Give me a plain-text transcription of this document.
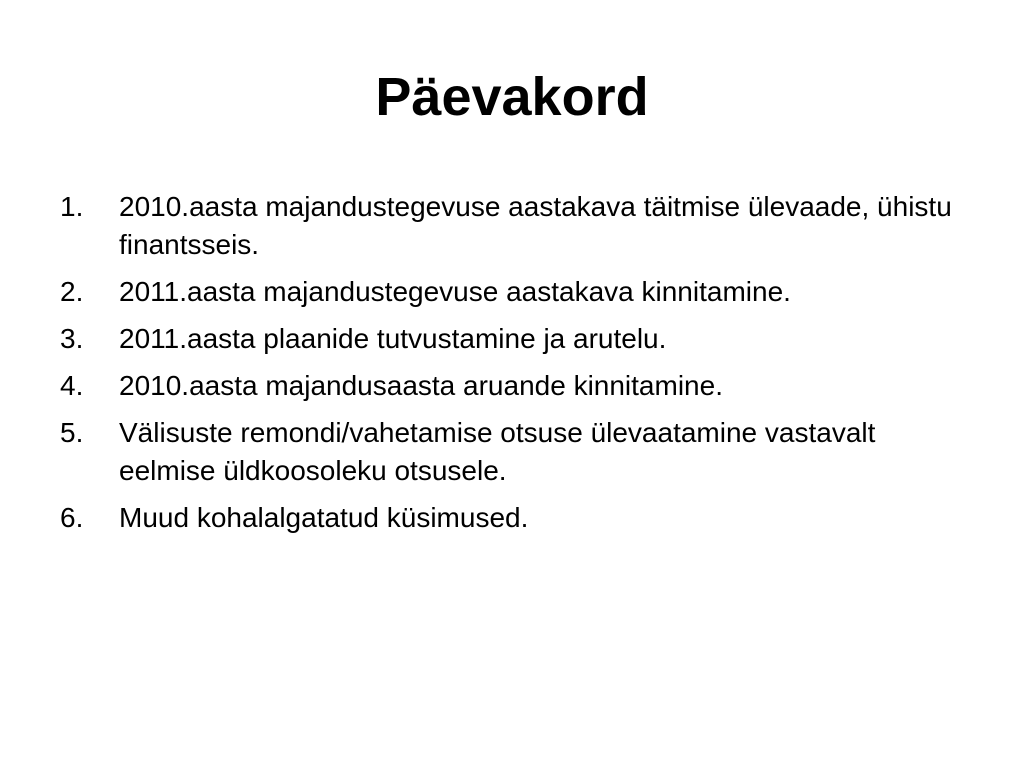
Päevakord
1.	2010.aasta majandustegevuse aastakava täitmise ülevaade, ühistu finantsseis.
2.	2011.aasta majandustegevuse aastakava kinnitamine.
3.	2011.aasta plaanide tutvustamine ja arutelu.
4.	2010.aasta majandusaasta aruande kinnitamine.
5.	Välisuste remondi/vahetamise otsuse ülevaatamine vastavalt eelmise üldkoosoleku otsusele.
6.	Muud kohalalgatatud küsimused.
